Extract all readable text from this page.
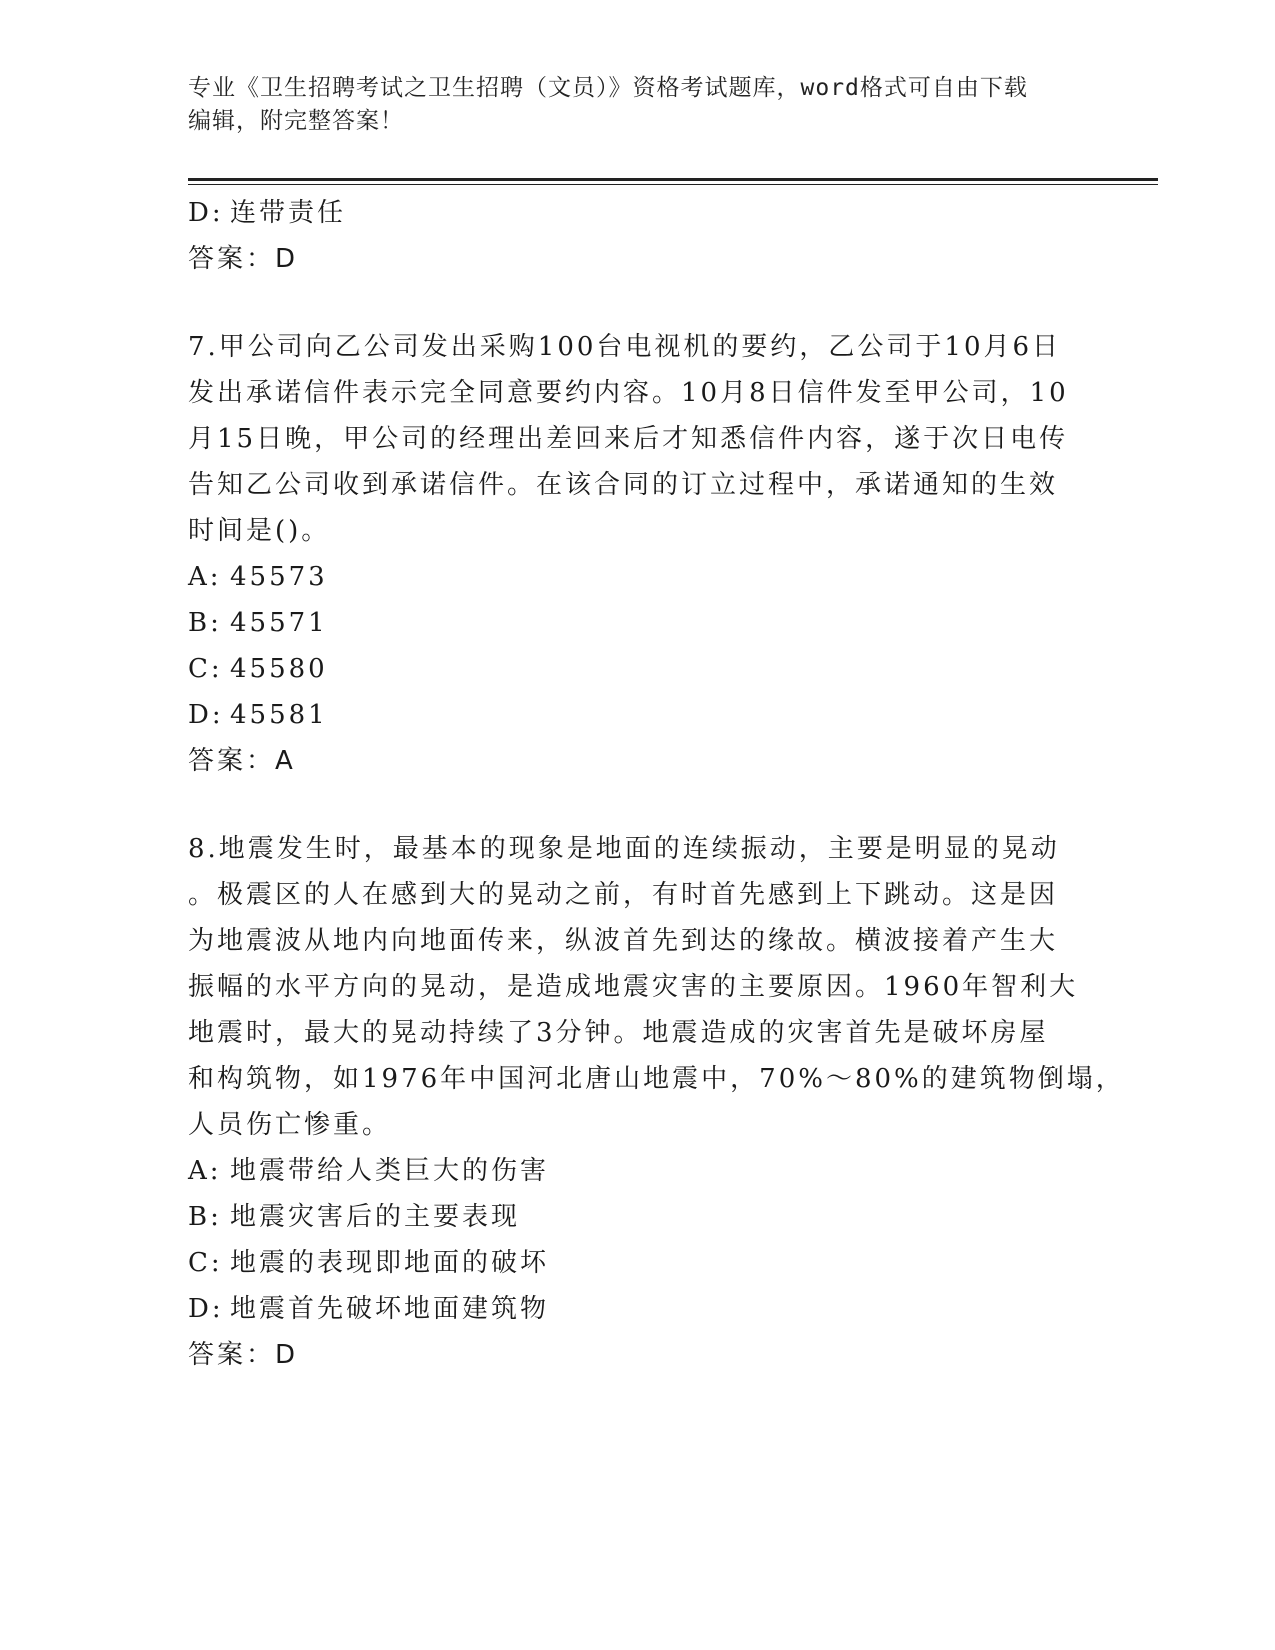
专业《卫生招聘考试之卫生招聘（文员）》资格考试题库，word格式可自由下载
编辑，附完整答案！
D: 连带责任
答案：D
7.甲公司向乙公司发出采购100台电视机的要约，乙公司于10月6日
发出承诺信件表示完全同意要约内容。10月8日信件发至甲公司，10
月15日晚，甲公司的经理出差回来后才知悉信件内容，遂于次日电传
告知乙公司收到承诺信件。在该合同的订立过程中，承诺通知的生效
时间是()。
A: 45573
B: 45571
C: 45580
D: 45581
答案：A
8.地震发生时，最基本的现象是地面的连续振动，主要是明显的晃动
。极震区的人在感到大的晃动之前，有时首先感到上下跳动。这是因
为地震波从地内向地面传来，纵波首先到达的缘故。横波接着产生大
振幅的水平方向的晃动，是造成地震灾害的主要原因。1960年智利大
地震时，最大的晃动持续了3分钟。地震造成的灾害首先是破坏房屋
和构筑物，如1976年中国河北唐山地震中，70%～80%的建筑物倒塌，
人员伤亡惨重。
A: 地震带给人类巨大的伤害
B: 地震灾害后的主要表现
C: 地震的表现即地面的破坏
D: 地震首先破坏地面建筑物
答案：D
